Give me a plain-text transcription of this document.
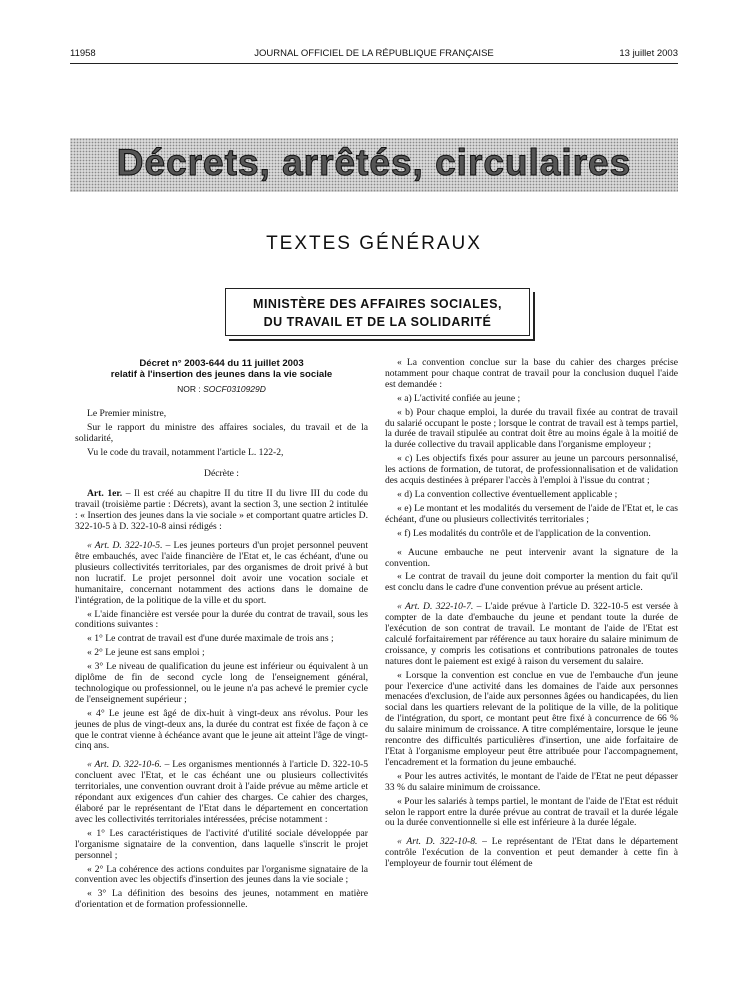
11958	JOURNAL OFFICIEL DE LA RÉPUBLIQUE FRANÇAISE	13 juillet 2003
Décrets, arrêtés, circulaires
TEXTES GÉNÉRAUX
MINISTÈRE DES AFFAIRES SOCIALES,
DU TRAVAIL ET DE LA SOLIDARITÉ
Décret n° 2003-644 du 11 juillet 2003
relatif à l'insertion des jeunes dans la vie sociale
NOR : SOCF0310929D

Le Premier ministre,

Sur le rapport du ministre des affaires sociales, du travail et de la solidarité,

Vu le code du travail, notamment l'article L. 122-2,

Décrète :

Art. 1er. – Il est créé au chapitre II du titre II du livre III du code du travail (troisième partie : Décrets), avant la section 3, une section 2 intitulée : « Insertion des jeunes dans la vie sociale » et comportant quatre articles D. 322-10-5 à D. 322-10-8 ainsi rédigés :

« Art. D. 322-10-5. – Les jeunes porteurs d'un projet personnel peuvent être embauchés, avec l'aide financière de l'Etat et, le cas échéant, d'une ou plusieurs collectivités territoriales, par des organismes de droit privé à but non lucratif. Le projet personnel doit avoir une vocation sociale et humanitaire, concernant notamment des actions dans le domaine de l'intégration, de la politique de la ville et du sport.

« L'aide financière est versée pour la durée du contrat de travail, sous les conditions suivantes :

« 1° Le contrat de travail est d'une durée maximale de trois ans ;

« 2° Le jeune est sans emploi ;

« 3° Le niveau de qualification du jeune est inférieur ou équivalent à un diplôme de fin de second cycle long de l'enseignement général, technologique ou professionnel, ou le jeune n'a pas achevé le premier cycle de l'enseignement supérieur ;

« 4° Le jeune est âgé de dix-huit à vingt-deux ans révolus. Pour les jeunes de plus de vingt-deux ans, la durée du contrat est fixée de façon à ce que le contrat vienne à échéance avant que le jeune ait atteint l'âge de vingt-cinq ans.

« Art. D. 322-10-6. – Les organismes mentionnés à l'article D. 322-10-5 concluent avec l'Etat, et le cas échéant une ou plusieurs collectivités territoriales, une convention ouvrant droit à l'aide prévue au même article et répondant aux exigences d'un cahier des charges. Ce cahier des charges, élaboré par le représentant de l'Etat dans le département en concertation avec les collectivités territoriales intéressées, précise notamment :

« 1° Les caractéristiques de l'activité d'utilité sociale développée par l'organisme signataire de la convention, dans laquelle s'inscrit le projet personnel ;

« 2° La cohérence des actions conduites par l'organisme signataire de la convention avec les objectifs d'insertion des jeunes dans la vie sociale ;

« 3° La définition des besoins des jeunes, notamment en matière d'orientation et de formation professionnelle.

« La convention conclue sur la base du cahier des charges précise notamment pour chaque contrat de travail pour la conclusion duquel l'aide est demandée :

« a) L'activité confiée au jeune ;

« b) Pour chaque emploi, la durée du travail fixée au contrat de travail du salarié occupant le poste ; lorsque le contrat de travail est à temps partiel, la durée de travail stipulée au contrat doit être au moins égale à la moitié de la durée collective du travail applicable dans l'organisme employeur ;

« c) Les objectifs fixés pour assurer au jeune un parcours personnalisé, les actions de formation, de tutorat, de professionnalisation et de validation des acquis destinées à préparer l'accès à l'emploi à l'issue du contrat ;

« d) La convention collective éventuellement applicable ;

« e) Le montant et les modalités du versement de l'aide de l'Etat et, le cas échéant, d'une ou plusieurs collectivités territoriales ;

« f) Les modalités du contrôle et de l'application de la convention.

« Aucune embauche ne peut intervenir avant la signature de la convention.

« Le contrat de travail du jeune doit comporter la mention du fait qu'il est conclu dans le cadre d'une convention prévue au présent article.

« Art. D. 322-10-7. – L'aide prévue à l'article D. 322-10-5 est versée à compter de la date d'embauche du jeune et pendant toute la durée de l'exécution de son contrat de travail. Le montant de l'aide de l'Etat est calculé forfaitairement par référence au taux horaire du salaire minimum de croissance, y compris les cotisations et contributions patronales de toutes natures dont le paiement est exigé à raison du versement du salaire.

« Lorsque la convention est conclue en vue de l'embauche d'un jeune pour l'exercice d'une activité dans les domaines de l'aide aux personnes menacées d'exclusion, de l'aide aux personnes âgées ou handicapées, du lien social dans les quartiers relevant de la politique de la ville, de la politique de l'intégration, du sport, ce montant peut être fixé à concurrence de 66 % du salaire minimum de croissance. A titre complémentaire, lorsque le jeune rencontre des difficultés particulières d'insertion, une aide forfaitaire de l'Etat à l'organisme employeur peut être attribuée pour l'accompagnement, l'encadrement et la formation du jeune embauché.

« Pour les autres activités, le montant de l'aide de l'Etat ne peut dépasser 33 % du salaire minimum de croissance.

« Pour les salariés à temps partiel, le montant de l'aide de l'Etat est réduit selon le rapport entre la durée prévue au contrat de travail et la durée légale ou la durée conventionnelle si elle est inférieure à la durée légale.

« Art. D. 322-10-8. – Le représentant de l'Etat dans le département contrôle l'exécution de la convention et peut demander à cette fin à l'employeur de fournir tout élément de
